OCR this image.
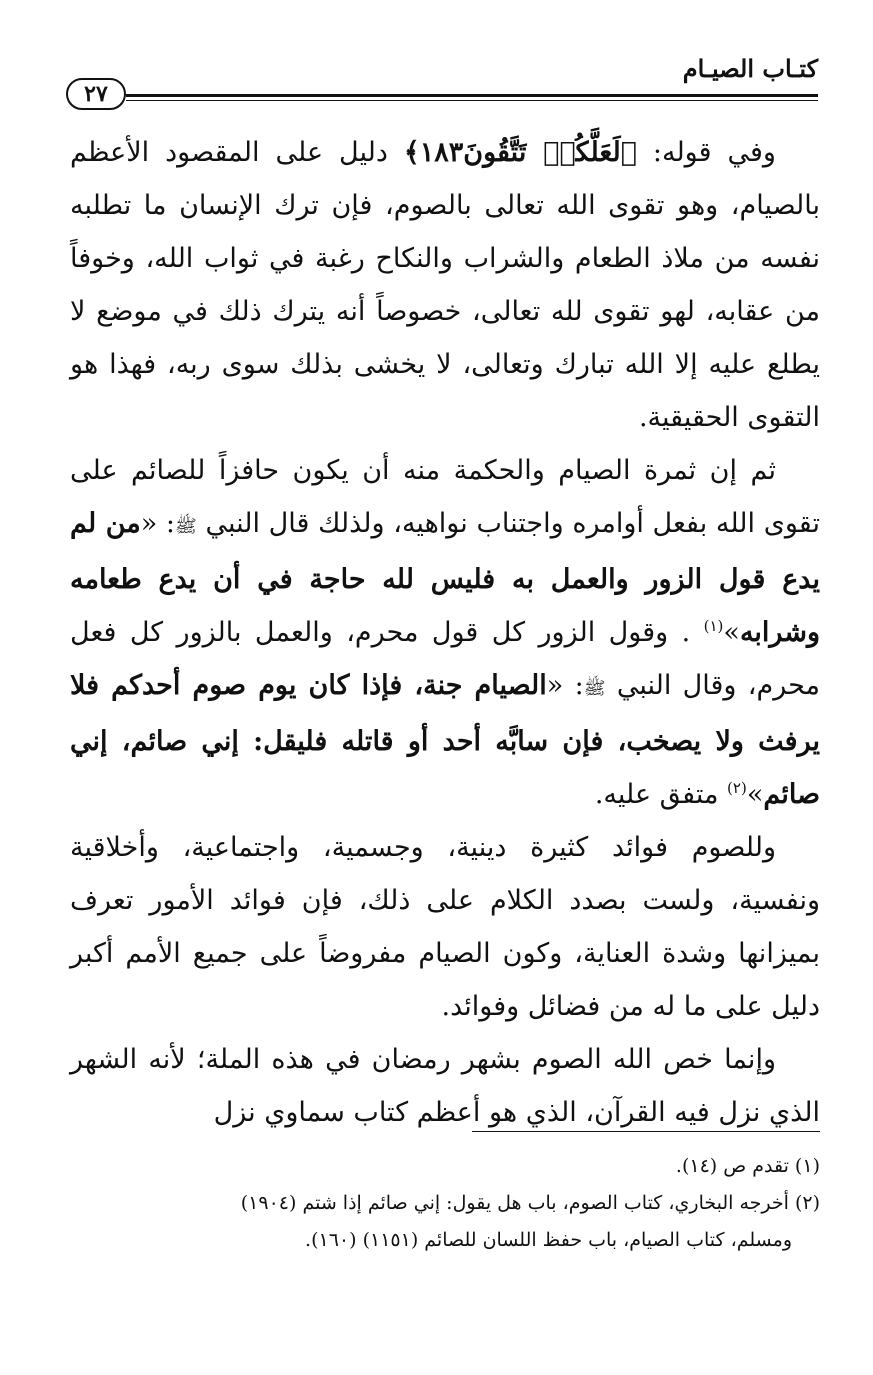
كتـاب الصيـام
٢٧

وفي قوله: ﴿لَعَلَّكُمۡ تَتَّقُونَ١٨٣﴾ دليل على المقصود الأعظم بالصيام، وهو تقوى الله تعالى بالصوم، فإن ترك الإنسان ما تطلبه نفسه من ملاذ الطعام والشراب والنكاح رغبة في ثواب الله، وخوفاً من عقابه، لهو تقوى لله تعالى، خصوصاً أنه يترك ذلك في موضع لا يطلع عليه إلا الله تبارك وتعالى، لا يخشى بذلك سوى ربه، فهذا هو التقوى الحقيقية.

ثم إن ثمرة الصيام والحكمة منه أن يكون حافزاً للصائم على تقوى الله بفعل أوامره واجتناب نواهيه، ولذلك قال النبي ﷺ: «من لم يدع قول الزور والعمل به فليس لله حاجة في أن يدع طعامه وشرابه»$^{(١)}$ . وقول الزور كل قول محرم، والعمل بالزور كل فعل محرم، وقال النبي ﷺ: «الصيام جنة، فإذا كان يوم صوم أحدكم فلا يرفث ولا يصخب، فإن سابَّه أحد أو قاتله فليقل: إني صائم، إني صائم»$^{(٢)}$ متفق عليه.

وللصوم فوائد كثيرة دينية، وجسمية، واجتماعية، وأخلاقية ونفسية، ولست بصدد الكلام على ذلك، فإن فوائد الأمور تعرف بميزانها وشدة العناية، وكون الصيام مفروضاً على جميع الأمم أكبر دليل على ما له من فضائل وفوائد.

وإنما خص الله الصوم بشهر رمضان في هذه الملة؛ لأنه الشهر الذي نزل فيه القرآن، الذي هو أعظم كتاب سماوي نزل

(١) تقدم ص (١٤).

(٢) أخرجه البخاري، كتاب الصوم، باب هل يقول: إني صائم إذا شتم (١٩٠٤)

ومسلم، كتاب الصيام، باب حفظ اللسان للصائم (١١٥١) (١٦٠).
